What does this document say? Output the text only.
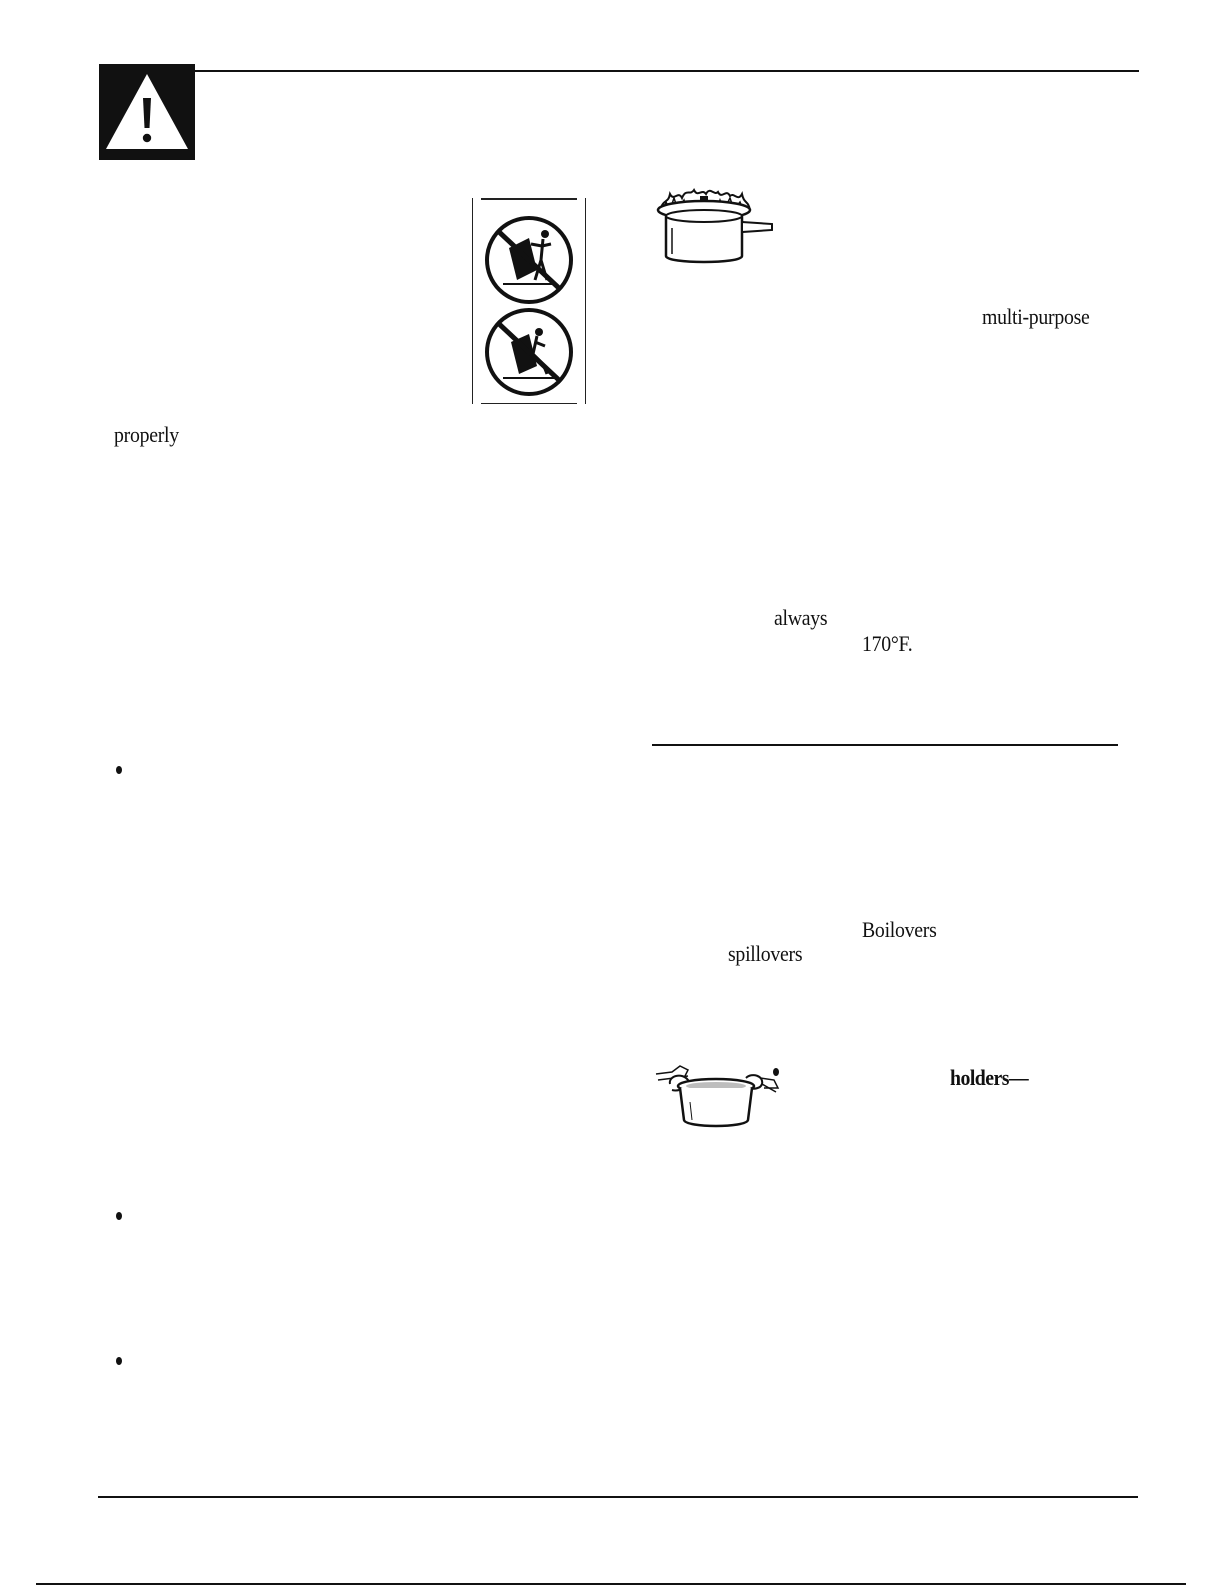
properly
multi-purpose
always
170°F.
Boilovers
spillovers
holders—
